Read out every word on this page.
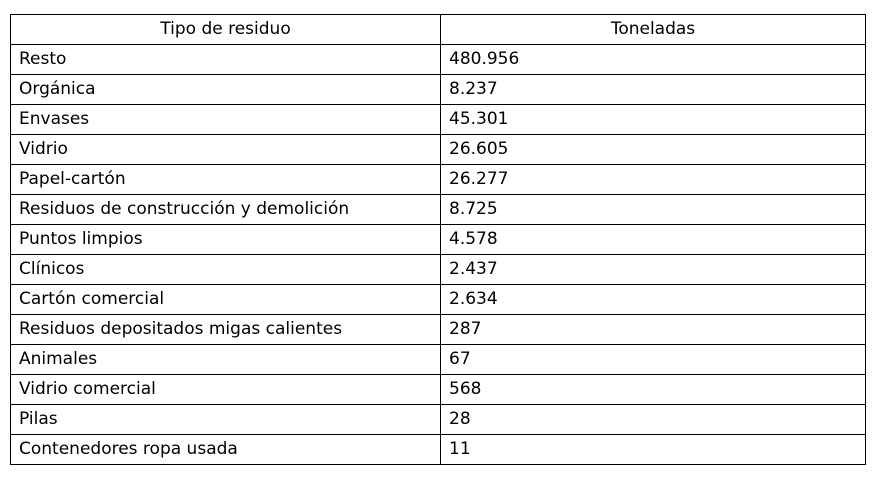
Tipo de residuo	Toneladas
Resto	480.956
Orgánica	8.237
Envases	45.301
Vidrio	26.605
Papel-cartón	26.277
Residuos de construcción y demolición	8.725
Puntos limpios	4.578
Clínicos	2.437
Cartón comercial	2.634
Residuos depositados migas calientes	287
Animales	67
Vidrio comercial	568
Pilas	28
Contenedores ropa usada	11
